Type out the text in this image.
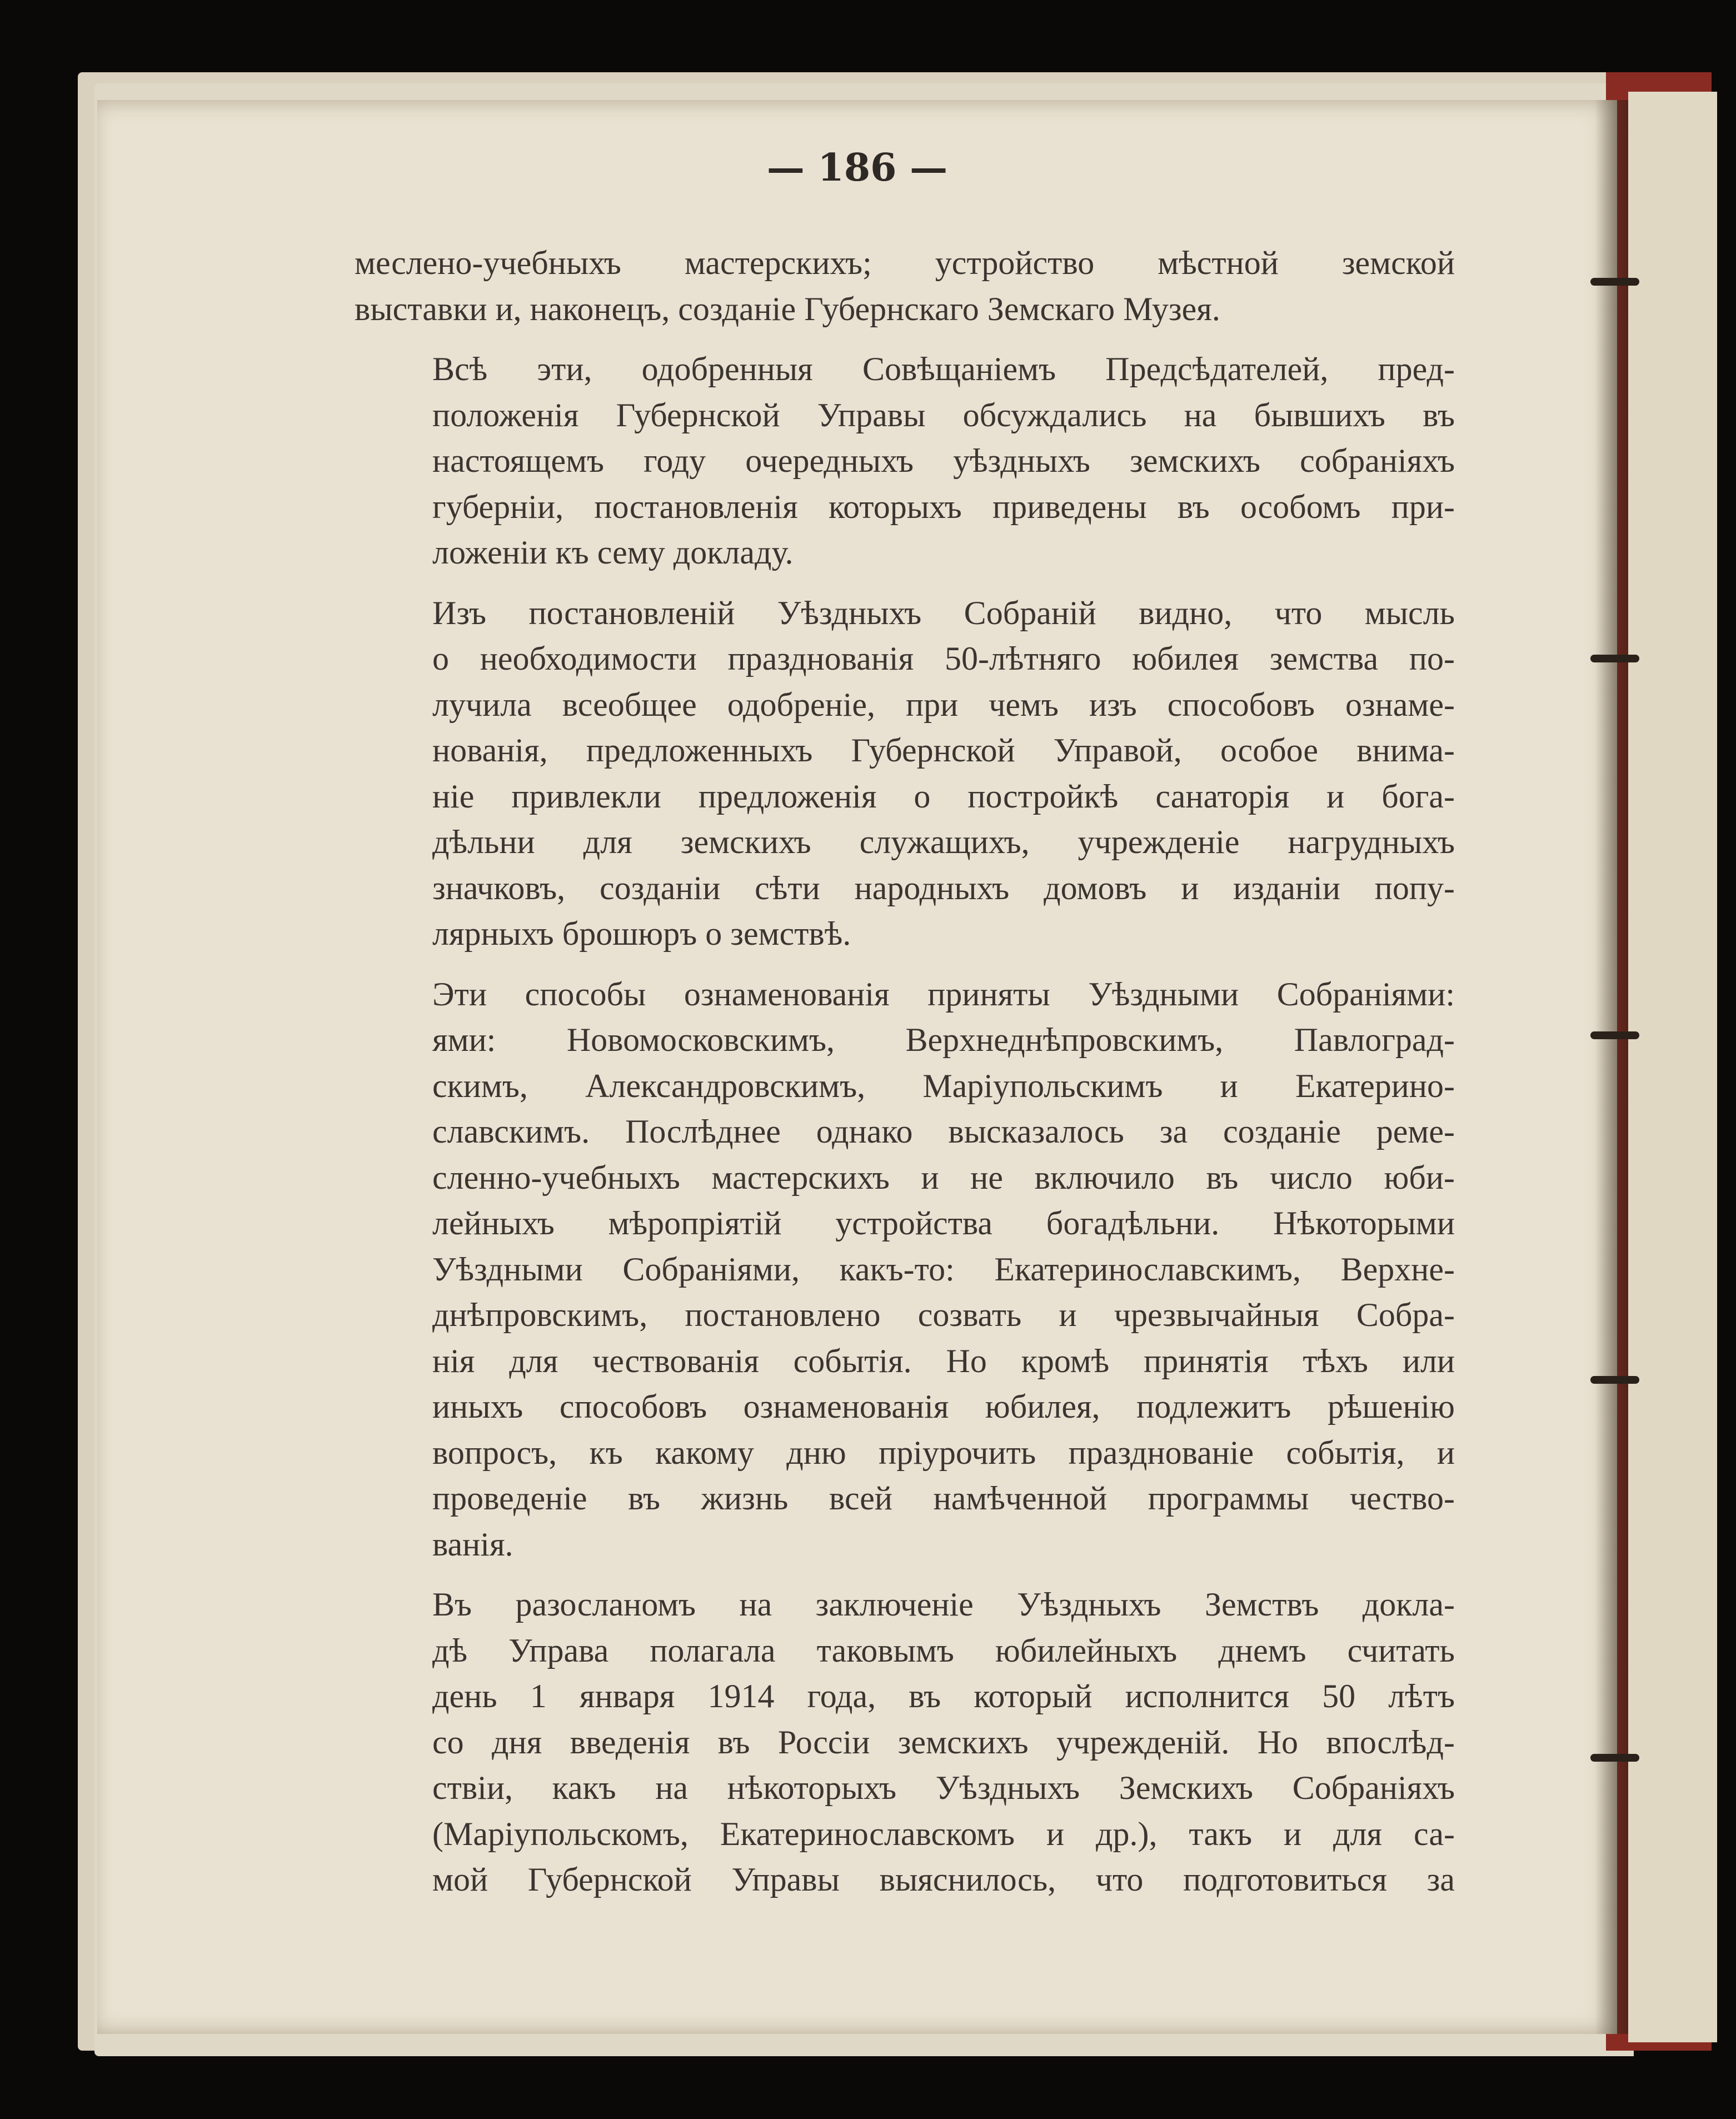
— 186 —
меслено-учебныхъ мастерскихъ; устройство мѣстной земской
выставки и, наконецъ, созданіе Губернскаго Земскаго Музея.
Всѣ эти, одобренныя Совѣщаніемъ Предсѣдателей, пред-
положенія Губернской Управы обсуждались на бывшихъ въ
настоящемъ году очередныхъ уѣздныхъ земскихъ собраніяхъ
губерніи, постановленія которыхъ приведены въ особомъ при-
ложеніи къ сему докладу.
Изъ постановленій Уѣздныхъ Собраній видно, что мысль
о необходимости празднованія 50-лѣтняго юбилея земства по-
лучила всеобщее одобреніе, при чемъ изъ способовъ ознаме-
нованія, предложенныхъ Губернской Управой, особое внима-
ніе привлекли предложенія о постройкѣ санаторія и бога-
дѣльни для земскихъ служащихъ, учрежденіе нагрудныхъ
значковъ, созданіи сѣти народныхъ домовъ и изданіи попу-
лярныхъ брошюръ о земствѣ.
Эти способы ознаменованія приняты Уѣздными Собраніями:
ями: Новомосковскимъ, Верхнеднѣпровскимъ, Павлоград-
скимъ, Александровскимъ, Маріупольскимъ и Екатерино-
славскимъ. Послѣднее однако высказалось за созданіе реме-
сленно-учебныхъ мастерскихъ и не включило въ число юби-
лейныхъ мѣропріятій устройства богадѣльни. Нѣкоторыми
Уѣздными Собраніями, какъ-то: Екатеринославскимъ, Верхне-
днѣпровскимъ, постановлено созвать и чрезвычайныя Собра-
нія для чествованія событія. Но кромѣ принятія тѣхъ или
иныхъ способовъ ознаменованія юбилея, подлежитъ рѣшенію
вопросъ, къ какому дню пріурочить празднованіе событія, и
проведеніе въ жизнь всей намѣченной программы чество-
ванія.
Въ разосланомъ на заключеніе Уѣздныхъ Земствъ докла-
дѣ Управа полагала таковымъ юбилейныхъ днемъ считать
день 1 января 1914 года, въ который исполнится 50 лѣтъ
со дня введенія въ Россіи земскихъ учрежденій. Но впослѣд-
ствіи, какъ на нѣкоторыхъ Уѣздныхъ Земскихъ Собраніяхъ
(Маріупольскомъ, Екатеринославскомъ и др.), такъ и для са-
мой Губернской Управы выяснилось, что подготовиться за
